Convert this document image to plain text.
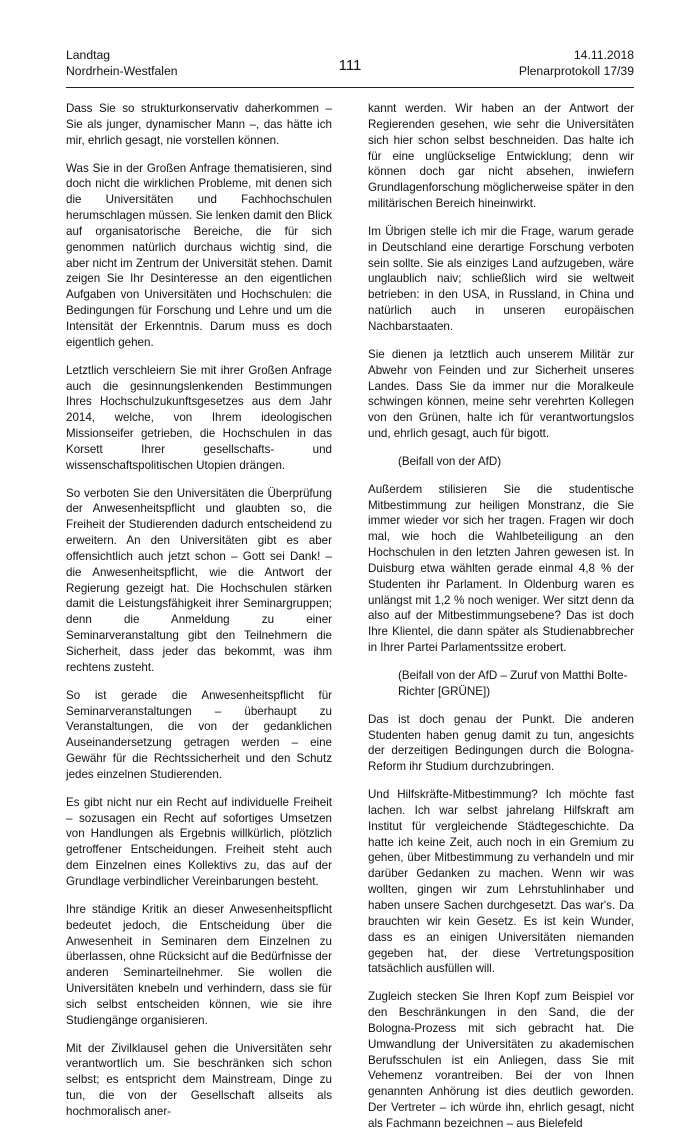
Landtag
Nordrhein-Westfalen	111
14.11.2018
Plenarprotokoll 17/39

Dass Sie so strukturkonservativ daherkommen – Sie als junger, dynamischer Mann –, das hätte ich mir, ehrlich gesagt, nie vorstellen können.

Was Sie in der Großen Anfrage thematisieren, sind doch nicht die wirklichen Probleme, mit denen sich die Universitäten und Fachhochschulen herumschlagen müssen. Sie lenken damit den Blick auf organisatorische Bereiche, die für sich genommen natürlich durchaus wichtig sind, die aber nicht im Zentrum der Universität stehen. Damit zeigen Sie Ihr Desinteresse an den eigentlichen Aufgaben von Universitäten und Hochschulen: die Bedingungen für Forschung und Lehre und um die Intensität der Erkenntnis. Darum muss es doch eigentlich gehen.

Letztlich verschleiern Sie mit ihrer Großen Anfrage auch die gesinnungslenkenden Bestimmungen Ihres Hochschulzukunftsgesetzes aus dem Jahr 2014, welche, von Ihrem ideologischen Missionseifer getrieben, die Hochschulen in das Korsett Ihrer gesellschafts- und wissenschaftspolitischen Utopien drängen.

So verboten Sie den Universitäten die Überprüfung der Anwesenheitspflicht und glaubten so, die Freiheit der Studierenden dadurch entscheidend zu erweitern. An den Universitäten gibt es aber offensichtlich auch jetzt schon – Gott sei Dank! – die Anwesenheitspflicht, wie die Antwort der Regierung gezeigt hat. Die Hochschulen stärken damit die Leistungsfähigkeit ihrer Seminargruppen; denn die Anmeldung zu einer Seminarveranstaltung gibt den Teilnehmern die Sicherheit, dass jeder das bekommt, was ihm rechtens zusteht.

So ist gerade die Anwesenheitspflicht für Seminarveranstaltungen – überhaupt zu Veranstaltungen, die von der gedanklichen Auseinandersetzung getragen werden – eine Gewähr für die Rechtssicherheit und den Schutz jedes einzelnen Studierenden.

Es gibt nicht nur ein Recht auf individuelle Freiheit – sozusagen ein Recht auf sofortiges Umsetzen von Handlungen als Ergebnis willkürlich, plötzlich getroffener Entscheidungen. Freiheit steht auch dem Einzelnen eines Kollektivs zu, das auf der Grundlage verbindlicher Vereinbarungen besteht.

Ihre ständige Kritik an dieser Anwesenheitspflicht bedeutet jedoch, die Entscheidung über die Anwesenheit in Seminaren dem Einzelnen zu überlassen, ohne Rücksicht auf die Bedürfnisse der anderen Seminarteilnehmer. Sie wollen die Universitäten knebeln und verhindern, dass sie für sich selbst entscheiden können, wie sie ihre Studiengänge organisieren.

Mit der Zivilklausel gehen die Universitäten sehr verantwortlich um. Sie beschränken sich schon selbst; es entspricht dem Mainstream, Dinge zu tun, die von der Gesellschaft allseits als hochmoralisch aner-

kannt werden. Wir haben an der Antwort der Regierenden gesehen, wie sehr die Universitäten sich hier schon selbst beschneiden. Das halte ich für eine unglückselige Entwicklung; denn wir können doch gar nicht absehen, inwiefern Grundlagenforschung möglicherweise später in den militärischen Bereich hineinwirkt.

Im Übrigen stelle ich mir die Frage, warum gerade in Deutschland eine derartige Forschung verboten sein sollte. Sie als einziges Land aufzugeben, wäre unglaublich naiv; schließlich wird sie weltweit betrieben: in den USA, in Russland, in China und natürlich auch in unseren europäischen Nachbarstaaten.

Sie dienen ja letztlich auch unserem Militär zur Abwehr von Feinden und zur Sicherheit unseres Landes. Dass Sie da immer nur die Moralkeule schwingen können, meine sehr verehrten Kollegen von den Grünen, halte ich für verantwortungslos und, ehrlich gesagt, auch für bigott.

(Beifall von der AfD)

Außerdem stilisieren Sie die studentische Mitbestimmung zur heiligen Monstranz, die Sie immer wieder vor sich her tragen. Fragen wir doch mal, wie hoch die Wahlbeteiligung an den Hochschulen in den letzten Jahren gewesen ist. In Duisburg etwa wählten gerade einmal 4,8 % der Studenten ihr Parlament. In Oldenburg waren es unlängst mit 1,2 % noch weniger. Wer sitzt denn da also auf der Mitbestimmungsebene? Das ist doch Ihre Klientel, die dann später als Studienabbrecher in Ihrer Partei Parlamentssitze erobert.

(Beifall von der AfD – Zuruf von Matthi Bolte-Richter [GRÜNE])

Das ist doch genau der Punkt. Die anderen Studenten haben genug damit zu tun, angesichts der derzeitigen Bedingungen durch die Bologna-Reform ihr Studium durchzubringen.

Und Hilfskräfte-Mitbestimmung? Ich möchte fast lachen. Ich war selbst jahrelang Hilfskraft am Institut für vergleichende Städtegeschichte. Da hatte ich keine Zeit, auch noch in ein Gremium zu gehen, über Mitbestimmung zu verhandeln und mir darüber Gedanken zu machen. Wenn wir was wollten, gingen wir zum Lehrstuhlinhaber und haben unsere Sachen durchgesetzt. Das war's. Da brauchten wir kein Gesetz. Es ist kein Wunder, dass es an einigen Universitäten niemanden gegeben hat, der diese Vertretungsposition tatsächlich ausfüllen will.

Zugleich stecken Sie Ihren Kopf zum Beispiel vor den Beschränkungen in den Sand, die der Bologna-Prozess mit sich gebracht hat. Die Umwandlung der Universitäten zu akademischen Berufsschulen ist ein Anliegen, dass Sie mit Vehemenz vorantreiben. Bei der von Ihnen genannten Anhörung ist dies deutlich geworden. Der Vertreter – ich würde ihn, ehrlich gesagt, nicht als Fachmann bezeichnen – aus Bielefeld
